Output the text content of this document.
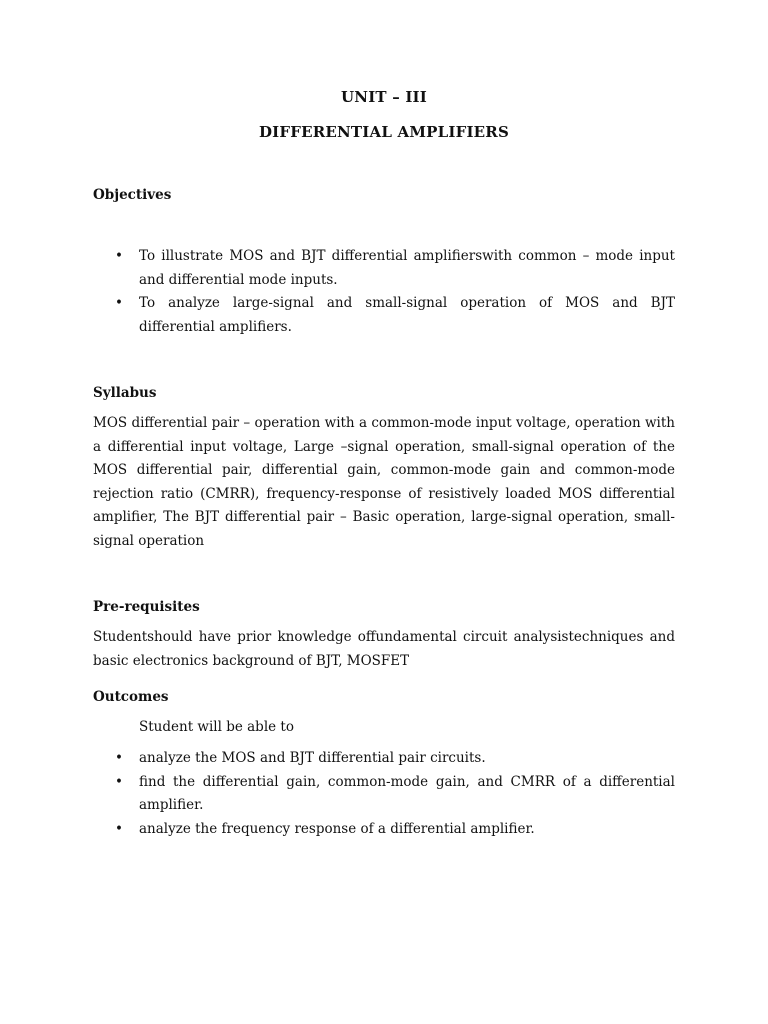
UNIT – III
DIFFERENTIAL AMPLIFIERS
Objectives
• To illustrate MOS and BJT differential amplifierswith common – mode input and differential mode inputs.
• To analyze large-signal and small-signal operation of MOS and BJT differential amplifiers.
Syllabus
MOS differential pair – operation with a common-mode input voltage, operation with a differential input voltage, Large –signal operation, small-signal operation of the MOS differential pair, differential gain, common-mode gain and common-mode rejection ratio (CMRR), frequency-response of resistively loaded MOS differential amplifier, The BJT differential pair – Basic operation, large-signal operation, small-signal operation
Pre-requisites
Studentshould have prior knowledge offundamental circuit analysistechniques and basic electronics background of BJT, MOSFET
Outcomes
Student will be able to
• analyze the MOS and BJT differential pair circuits.
• find the differential gain, common-mode gain, and CMRR of a differential amplifier.
• analyze the frequency response of a differential amplifier.
